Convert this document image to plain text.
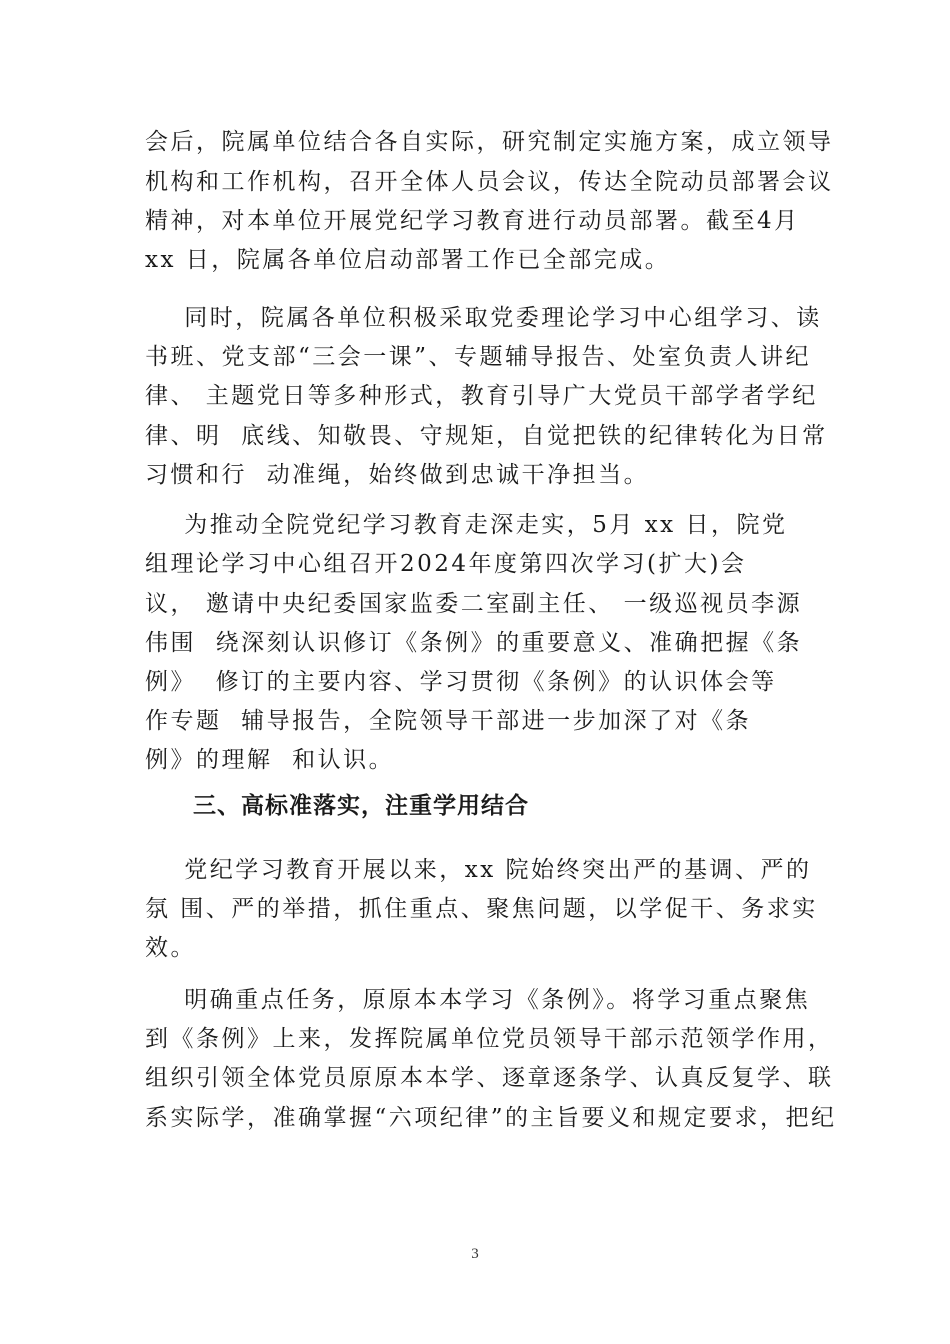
会后，院属单位结合各自实际，研究制定实施方案，成立领导
机构和工作机构，召开全体人员会议，传达全院动员部署会议
精神，对本单位开展党纪学习教育进行动员部署。截至4月
xx 日，院属各单位启动部署工作已全部完成。
同时，院属各单位积极采取党委理论学习中心组学习、读
书班、党支部“三会一课”、专题辅导报告、处室负责人讲纪
律、 主题党日等多种形式，教育引导广大党员干部学者学纪
律、明  底线、知敬畏、守规矩，自觉把铁的纪律转化为日常
习惯和行  动准绳，始终做到忠诚干净担当。
为推动全院党纪学习教育走深走实，5月 xx 日，院党
组理论学习中心组召开2024年度第四次学习(扩大)会
议， 邀请中央纪委国家监委二室副主任、 一级巡视员李源
伟围  绕深刻认识修订《条例》的重要意义、准确把握《条
例》  修订的主要内容、学习贯彻《条例》的认识体会等
作专题  辅导报告，全院领导干部进一步加深了对《条
例》的理解  和认识。
三、高标准落实，注重学用结合
党纪学习教育开展以来，xx 院始终突出严的基调、严的
氛 围、严的举措，抓住重点、聚焦问题，以学促干、务求实
效。
明确重点任务，原原本本学习《条例》。将学习重点聚焦
到《条例》上来，发挥院属单位党员领导干部示范领学作用，
组织引领全体党员原原本本学、逐章逐条学、认真反复学、联
系实际学，准确掌握“六项纪律”的主旨要义和规定要求，把纪
3
